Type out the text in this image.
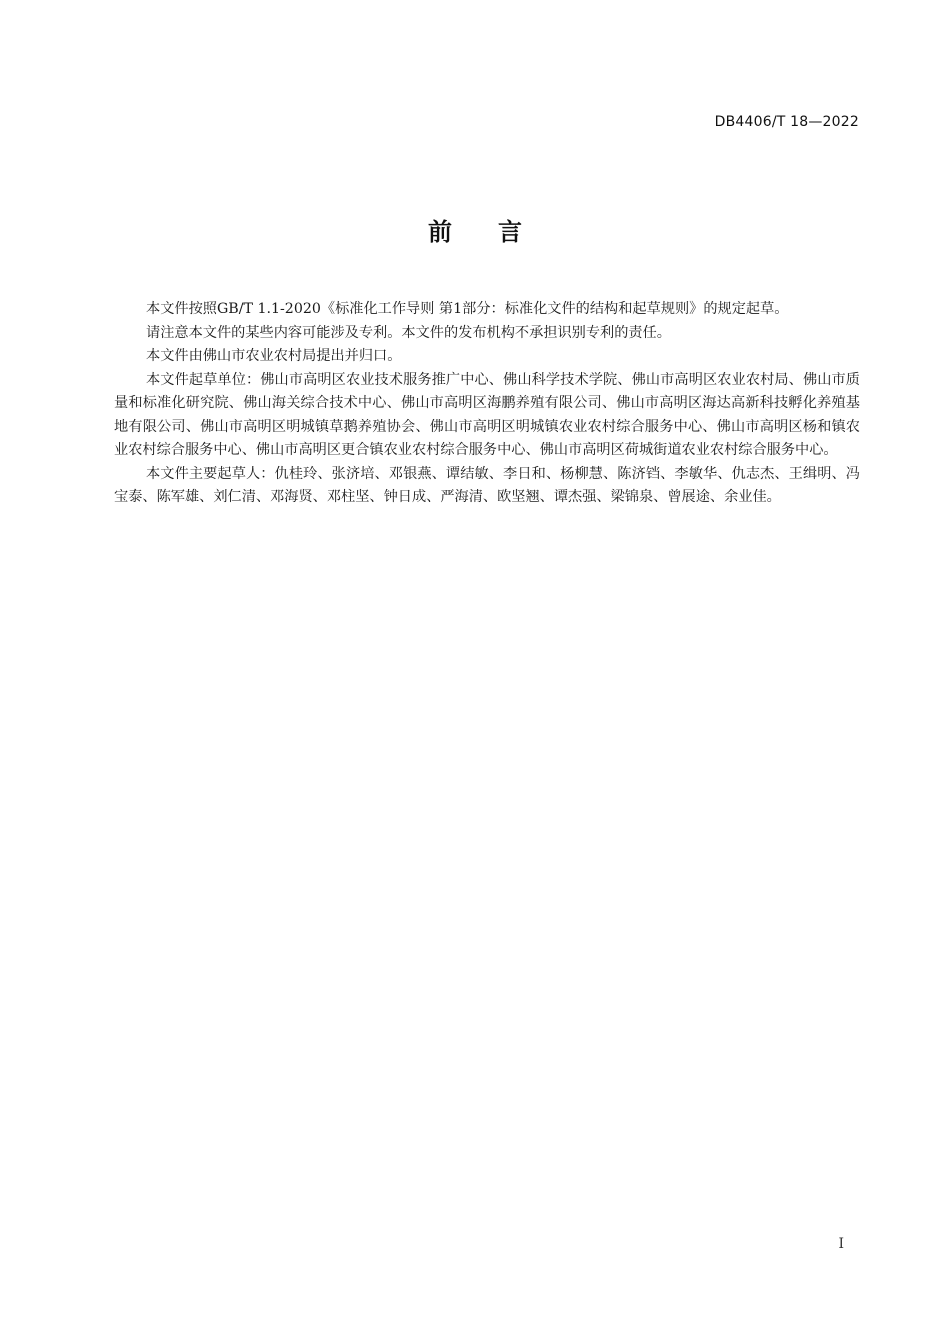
DB4406/T 18—2022
前言

本文件按照GB/T 1.1-2020《标准化工作导则 第1部分：标准化文件的结构和起草规则》的规定起草。

请注意本文件的某些内容可能涉及专利。本文件的发布机构不承担识别专利的责任。

本文件由佛山市农业农村局提出并归口。

本文件起草单位：佛山市高明区农业技术服务推广中心、佛山科学技术学院、佛山市高明区农业农村局、佛山市质量和标准化研究院、佛山海关综合技术中心、佛山市高明区海鹏养殖有限公司、佛山市高明区海达高新科技孵化养殖基地有限公司、佛山市高明区明城镇草鹅养殖协会、佛山市高明区明城镇农业农村综合服务中心、佛山市高明区杨和镇农业农村综合服务中心、佛山市高明区更合镇农业农村综合服务中心、佛山市高明区荷城街道农业农村综合服务中心。

本文件主要起草人：仇桂玲、张济培、邓银燕、谭结敏、李日和、杨柳慧、陈济铛、李敏华、仇志杰、王缉明、冯宝泰、陈军雄、刘仁清、邓海贤、邓柱坚、钟日成、严海清、欧坚翘、谭杰强、梁锦泉、曾展途、余业佳。

I
